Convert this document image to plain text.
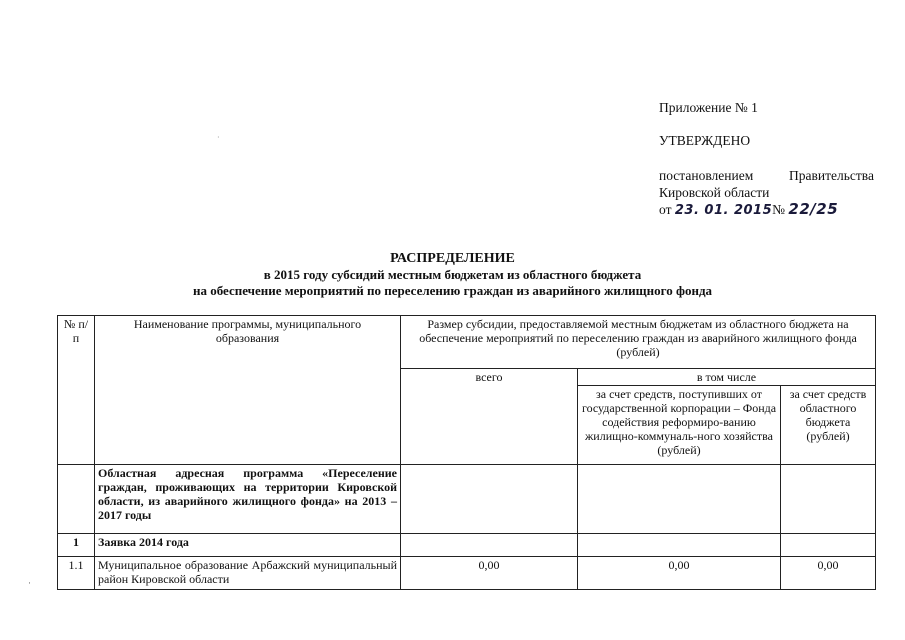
Приложение № 1
УТВЕРЖДЕНО
постановлением Правительства Кировской области
от 23. 01. 2015№ 22/25
РАСПРЕДЕЛЕНИЕ
в 2015 году субсидий местным бюджетам из областного бюджета
на обеспечение мероприятий по переселению граждан из аварийного жилищного фонда
№ п/п	Наименование программы, муниципального образования	Размер субсидии, предоставляемой местным бюджетам из областного бюджета на обеспечение мероприятий по переселению граждан из аварийного жилищного фонда (рублей)		
		всего	в том числе	
			за счет средств, поступивших от государственной корпорации – Фонда содействия реформиро-ванию жилищно-коммуналь-ного хозяйства (рублей)	за счет средств областного бюджета (рублей)
	Областная адресная программа «Переселение граждан, проживающих на территории Кировской области, из аварийного жилищного фонда» на 2013 – 2017 годы			
1	Заявка 2014 года			
1.1	Муниципальное образование Арбажский муниципальный район Кировской области	0,00	0,00	0,00
·
·
